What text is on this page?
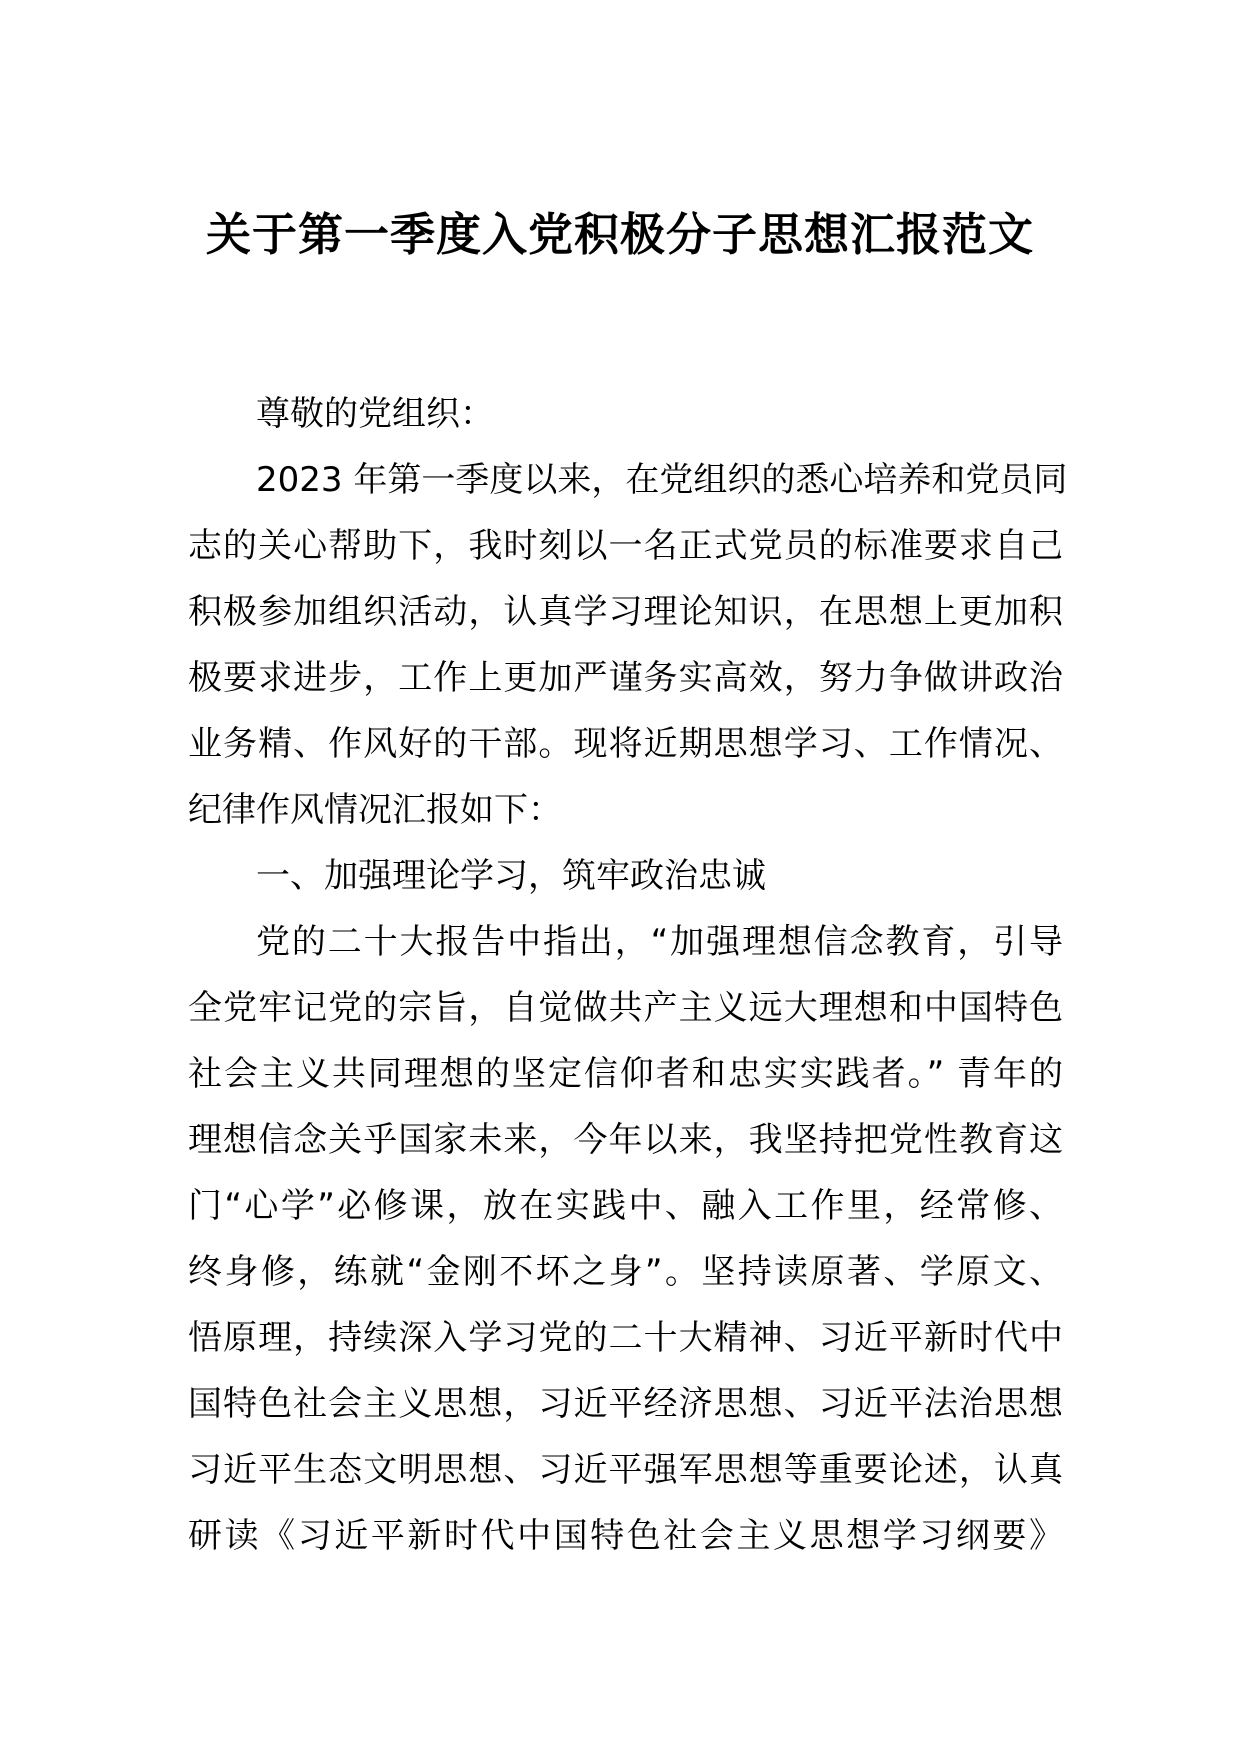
关于第一季度入党积极分子思想汇报范文
尊敬的党组织：
2023 年第一季度以来，在党组织的悉心培养和党员同
志的关心帮助下，我时刻以一名正式党员的标准要求自己
积极参加组织活动，认真学习理论知识，在思想上更加积
极要求进步，工作上更加严谨务实高效，努力争做讲政治
业务精、作风好的干部。现将近期思想学习、工作情况、
纪律作风情况汇报如下：
一、加强理论学习，筑牢政治忠诚
党的二十大报告中指出，“加强理想信念教育，引导
全党牢记党的宗旨，自觉做共产主义远大理想和中国特色
社会主义共同理想的坚定信仰者和忠实实践者。” 青年的
理想信念关乎国家未来，今年以来，我坚持把党性教育这
门“心学”必修课，放在实践中、融入工作里，经常修、
终身修，练就“金刚不坏之身”。坚持读原著、学原文、
悟原理，持续深入学习党的二十大精神、习近平新时代中
国特色社会主义思想，习近平经济思想、习近平法治思想
习近平生态文明思想、习近平强军思想等重要论述，认真
研读《习近平新时代中国特色社会主义思想学习纲要》
